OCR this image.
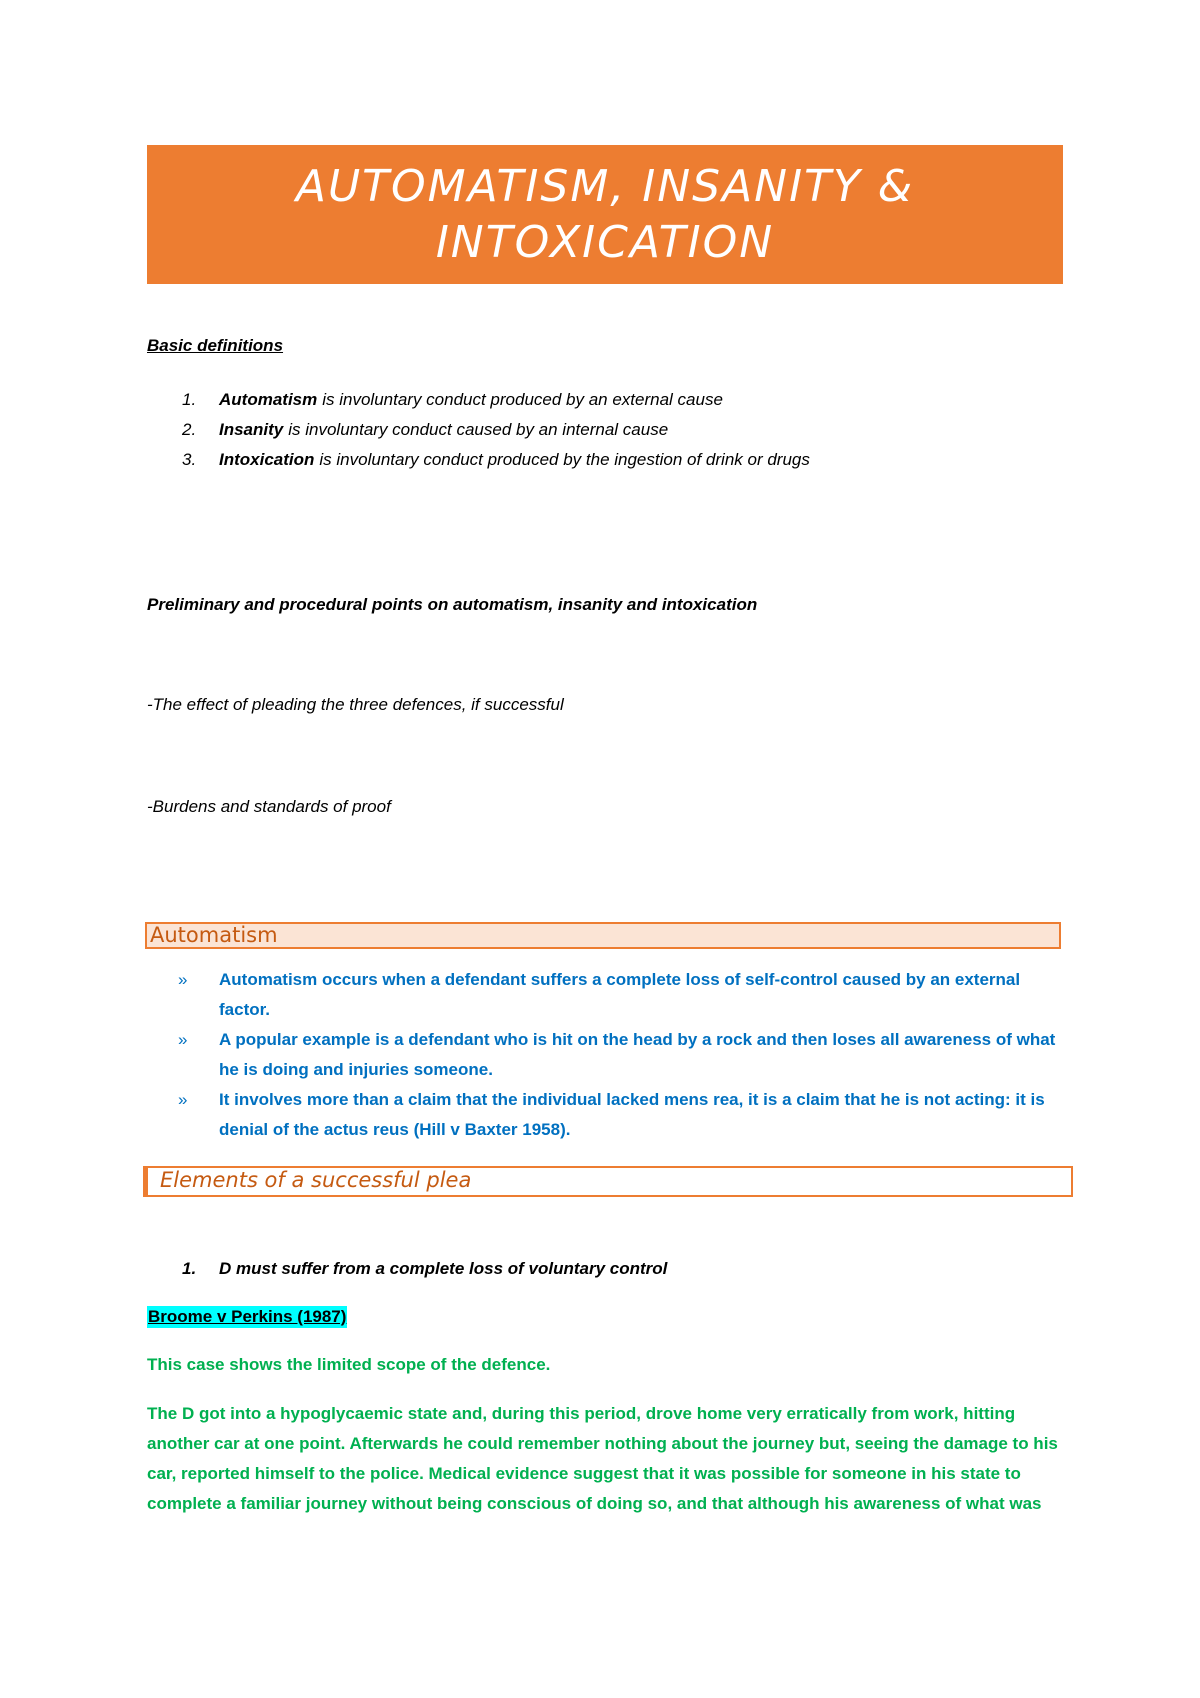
AUTOMATISM, INSANITY &
INTOXICATION
Basic definitions
1.	Automatism is involuntary conduct produced by an external cause
2.	Insanity is involuntary conduct caused by an internal cause
3.	Intoxication is involuntary conduct produced by the ingestion of drink or drugs
Preliminary and procedural points on automatism, insanity and intoxication
-The effect of pleading the three defences, if successful
-Burdens and standards of proof
Automatism
»	Automatism occurs when a defendant suffers a complete loss of self-control caused by an external factor.
»	A popular example is a defendant who is hit on the head by a rock and then loses all awareness of what he is doing and injuries someone.
»	It involves more than a claim that the individual lacked mens rea, it is a claim that he is not acting: it is denial of the actus reus (Hill v Baxter 1958).
Elements of a successful plea
1.	D must suffer from a complete loss of voluntary control
Broome v Perkins (1987)
This case shows the limited scope of the defence.
The D got into a hypoglycaemic state and, during this period, drove home very erratically from work, hitting another car at one point. Afterwards he could remember nothing about the journey but, seeing the damage to his car, reported himself to the police. Medical evidence suggest that it was possible for someone in his state to complete a familiar journey without being conscious of doing so, and that although his awareness of what was
